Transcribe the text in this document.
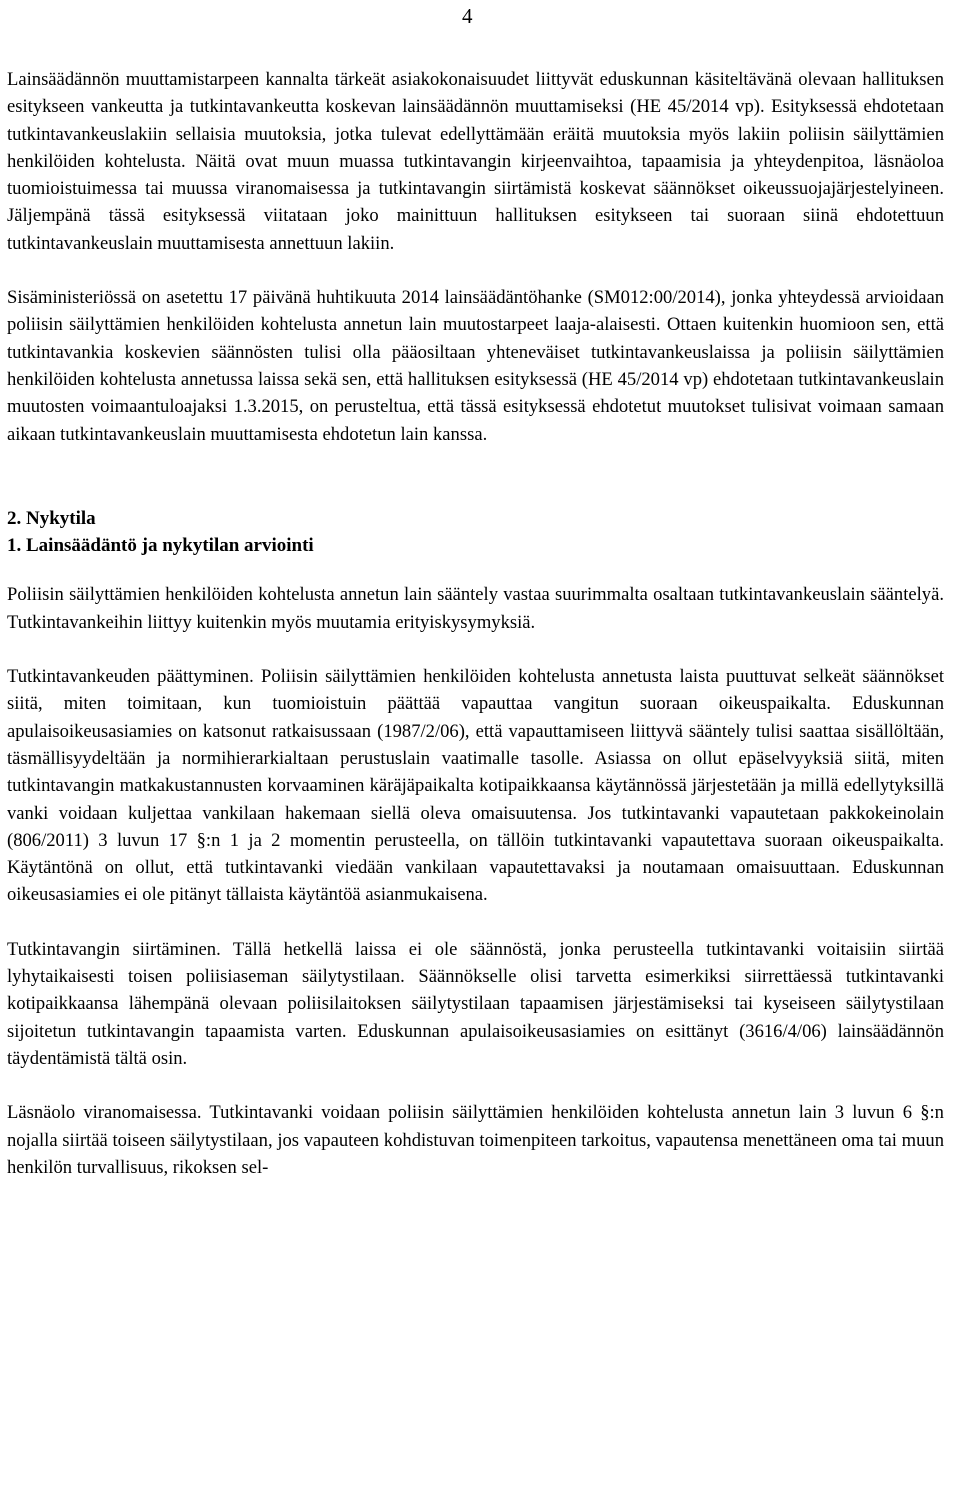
4

Lainsäädännön muuttamistarpeen kannalta tärkeät asiakokonaisuudet liittyvät eduskunnan käsiteltävänä olevaan hallituksen esitykseen vankeutta ja tutkintavankeutta koskevan lainsäädännön muuttamiseksi (HE 45/2014 vp). Esityksessä ehdotetaan tutkintavankeuslakiin sellaisia muutoksia, jotka tulevat edellyttämään eräitä muutoksia myös lakiin poliisin säilyttämien henkilöiden kohtelusta. Näitä ovat muun muassa tutkintavangin kirjeenvaihtoa, tapaamisia ja yhteydenpitoa, läsnäoloa tuomioistuimessa tai muussa viranomaisessa ja tutkintavangin siirtämistä koskevat säännökset oikeussuojajärjestelyineen. Jäljempänä tässä esityksessä viitataan joko mainittuun hallituksen esitykseen tai suoraan siinä ehdotettuun tutkintavankeuslain muuttamisesta annettuun lakiin.

Sisäministeriössä on asetettu 17 päivänä huhtikuuta 2014 lainsäädäntöhanke (SM012:00/2014), jonka yhteydessä arvioidaan poliisin säilyttämien henkilöiden kohtelusta annetun lain muutostarpeet laaja-alaisesti. Ottaen kuitenkin huomioon sen, että tutkintavankia koskevien säännösten tulisi olla pääosiltaan yhteneväiset tutkintavankeuslaissa ja poliisin säilyttämien henkilöiden kohtelusta annetussa laissa sekä sen, että hallituksen esityksessä (HE 45/2014 vp) ehdotetaan tutkintavankeuslain muutosten voimaantuloajaksi 1.3.2015, on perusteltua, että tässä esityksessä ehdotetut muutokset tulisivat voimaan samaan aikaan tutkintavankeuslain muuttamisesta ehdotetun lain kanssa.

2. Nykytila

1. Lainsäädäntö ja nykytilan arviointi

Poliisin säilyttämien henkilöiden kohtelusta annetun lain sääntely vastaa suurimmalta osaltaan tutkintavankeuslain sääntelyä. Tutkintavankeihin liittyy kuitenkin myös muutamia erityiskysymyksiä.

Tutkintavankeuden päättyminen. Poliisin säilyttämien henkilöiden kohtelusta annetusta laista puuttuvat selkeät säännökset siitä, miten toimitaan, kun tuomioistuin päättää vapauttaa vangitun suoraan oikeuspaikalta. Eduskunnan apulaisoikeusasiamies on katsonut ratkaisussaan (1987/2/06), että vapauttamiseen liittyvä sääntely tulisi saattaa sisällöltään, täsmällisyydeltään ja normihierarkialtaan perustuslain vaatimalle tasolle. Asiassa on ollut epäselvyyksiä siitä, miten tutkintavangin matkakustannusten korvaaminen käräjäpaikalta kotipaikkaansa käytännössä järjestetään ja millä edellytyksillä vanki voidaan kuljettaa vankilaan hakemaan siellä oleva omaisuutensa. Jos tutkintavanki vapautetaan pakkokeinolain (806/2011) 3 luvun 17 §:n 1 ja 2 momentin perusteella, on tällöin tutkintavanki vapautettava suoraan oikeuspaikalta. Käytäntönä on ollut, että tutkintavanki viedään vankilaan vapautettavaksi ja noutamaan omaisuuttaan. Eduskunnan oikeusasiamies ei ole pitänyt tällaista käytäntöä asianmukaisena.

Tutkintavangin siirtäminen. Tällä hetkellä laissa ei ole säännöstä, jonka perusteella tutkintavanki voitaisiin siirtää lyhytaikaisesti toisen poliisiaseman säilytystilaan. Säännökselle olisi tarvetta esimerkiksi siirrettäessä tutkintavanki kotipaikkaansa lähempänä olevaan poliisilaitoksen säilytystilaan tapaamisen järjestämiseksi tai kyseiseen säilytystilaan sijoitetun tutkintavangin tapaamista varten. Eduskunnan apulaisoikeusasiamies on esittänyt (3616/4/06) lainsäädännön täydentämistä tältä osin.

Läsnäolo viranomaisessa. Tutkintavanki voidaan poliisin säilyttämien henkilöiden kohtelusta annetun lain 3 luvun 6 §:n nojalla siirtää toiseen säilytystilaan, jos vapauteen kohdistuvan toimenpiteen tarkoitus, vapautensa menettäneen oma tai muun henkilön turvallisuus, rikoksen sel-
